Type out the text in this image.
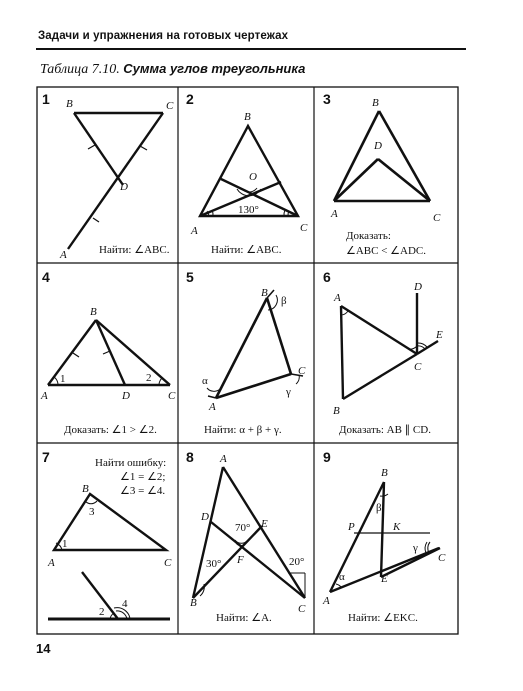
Задачи и упражнения на готовых чертежах
Таблица 7.10. Сумма углов треугольника
1 B	C
D
A	Найти: ∠ABC.
2
B
O
130°
A	C
Найти: ∠ABC.
3	B
D
A	C
Доказать:
∠ABC < ∠ADC.
4
B
1	2
A	D	C
Доказать: ∠1 > ∠2.
5
B
β
α
A
C
γ
Найти: α + β + γ.
6
A
D
E
C
B
Доказать: AB ∥ CD.
7	Найти ошибку:
∠1 = ∠2;
∠3 = ∠4.
B
3
1
A	C
2
4
8 A
D
E
70°
F
30°	20°
B	C
Найти: ∠A.
9
B
β
P	K
γ
C
E
α
A
Найти: ∠EKC.
14
